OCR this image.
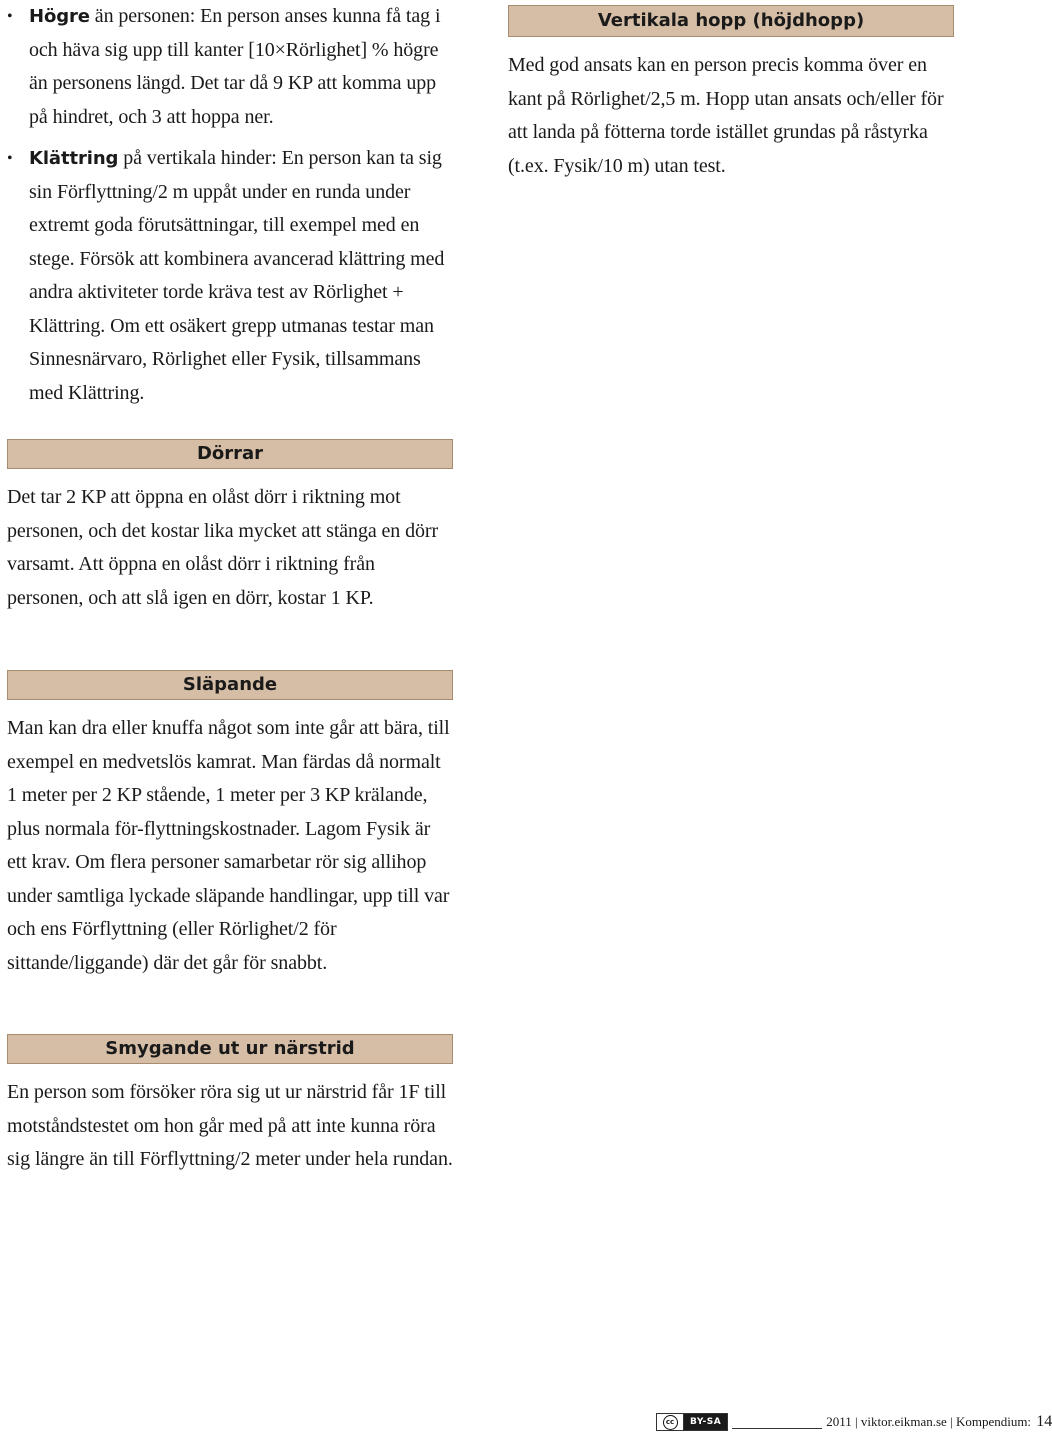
• Högre än personen: En person anses kunna få tag i och häva sig upp till kanter [10×Rörlighet] % högre än personens längd. Det tar då 9 KP att komma upp på hindret, och 3 att hoppa ner.
• Klättring på vertikala hinder: En person kan ta sig sin Förflyttning/2 m uppåt under en runda under extremt goda förutsättningar, till exempel med en stege. Försök att kombinera avancerad klättring med andra aktiviteter torde kräva test av Rörlighet + Klättring. Om ett osäkert grepp utmanas testar man Sinnesnärvaro, Rörlighet eller Fysik, tillsammans med Klättring.
Dörrar

Det tar 2 KP att öppna en olåst dörr i riktning mot personen, och det kostar lika mycket att stänga en dörr varsamt. Att öppna en olåst dörr i riktning från personen, och att slå igen en dörr, kostar 1 KP.

Släpande

Man kan dra eller knuffa något som inte går att bära, till exempel en medvetslös kamrat. Man färdas då normalt 1 meter per 2 KP stående, 1 meter per 3 KP krälande, plus normala för-flyttningskostnader. Lagom Fysik är ett krav. Om flera personer samarbetar rör sig allihop under samtliga lyckade släpande handlingar, upp till var och ens Förflyttning (eller Rörlighet/2 för sittande/liggande) där det går för snabbt.

Smygande ut ur närstrid

En person som försöker röra sig ut ur närstrid får 1F till motståndstestet om hon går med på att inte kunna röra sig längre än till Förflyttning/2 meter under hela rundan.

Vertikala hopp (höjdhopp)

Med god ansats kan en person precis komma över en kant på Rörlighet/2,5 m. Hopp utan ansats och/eller för att landa på fötterna torde istället grundas på råstyrka (t.ex. Fysik/10 m) utan test.

cc	BY-SA	2011
|
viktor.eikman.se
|
Kompendium:
14
